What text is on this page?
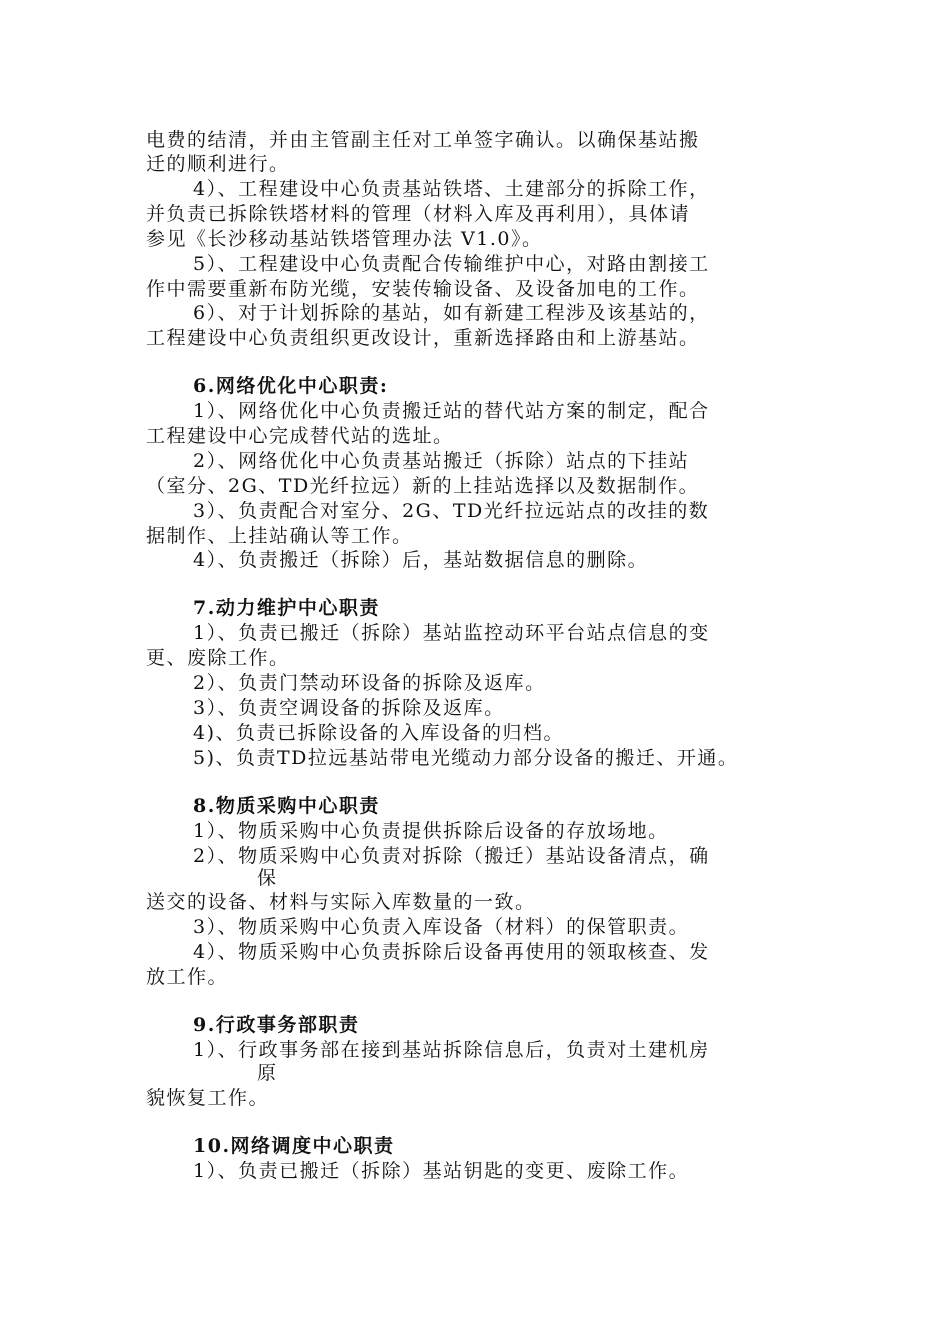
电费的结清，并由主管副主任对工单签字确认。以确保基站搬
迁的顺利进行。
4）、工程建设中心负责基站铁塔、土建部分的拆除工作，
并负责已拆除铁塔材料的管理（材料入库及再利用），具体请
参见《长沙移动基站铁塔管理办法 V1.0》。
5）、工程建设中心负责配合传输维护中心，对路由割接工
作中需要重新布防光缆，安装传输设备、及设备加电的工作。
6）、对于计划拆除的基站，如有新建工程涉及该基站的，
工程建设中心负责组织更改设计，重新选择路由和上游基站。
6.网络优化中心职责:
1）、网络优化中心负责搬迁站的替代站方案的制定，配合
工程建设中心完成替代站的选址。
2）、网络优化中心负责基站搬迁（拆除）站点的下挂站
（室分、2G、TD光纤拉远）新的上挂站选择以及数据制作。
3）、负责配合对室分、2G、TD光纤拉远站点的改挂的数
据制作、上挂站确认等工作。
4）、负责搬迁（拆除）后，基站数据信息的删除。
7.动力维护中心职责
1）、负责已搬迁（拆除）基站监控动环平台站点信息的变
更、废除工作。
2）、负责门禁动环设备的拆除及返库。
3）、负责空调设备的拆除及返库。
4)、负责已拆除设备的入库设备的归档。
5)、负责TD拉远基站带电光缆动力部分设备的搬迁、开通。
8.物质采购中心职责
1）、物质采购中心负责提供拆除后设备的存放场地。
2）、物质采购中心负责对拆除（搬迁）基站设备清点，确
保
送交的设备、材料与实际入库数量的一致。
3）、物质采购中心负责入库设备（材料）的保管职责。
4）、物质采购中心负责拆除后设备再使用的领取核查、发
放工作。
9.行政事务部职责
1）、行政事务部在接到基站拆除信息后，负责对土建机房
原
貌恢复工作。
10.网络调度中心职责
1）、负责已搬迁（拆除）基站钥匙的变更、废除工作。
